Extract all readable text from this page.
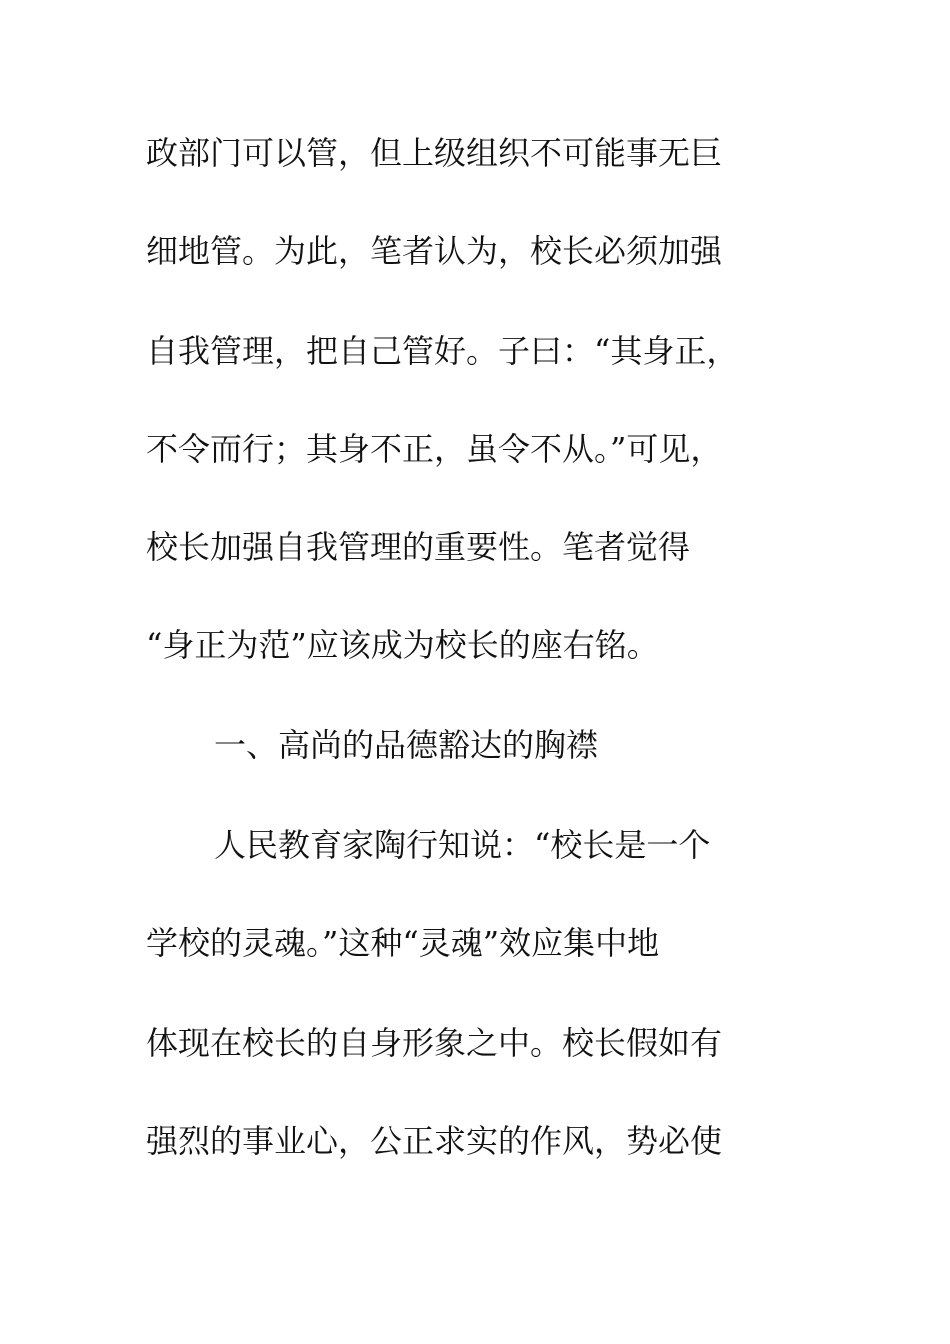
政部门可以管，但上级组织不可能事无巨
细地管。为此，笔者认为，校长必须加强
自我管理，把自己管好。子曰：“其身正，
不令而行；其身不正，虽令不从。”可见，
校长加强自我管理的重要性。笔者觉得
“身正为范”应该成为校长的座右铭。
一、高尚的品德豁达的胸襟
人民教育家陶行知说：“校长是一个
学校的灵魂。”这种“灵魂”效应集中地
体现在校长的自身形象之中。校长假如有
强烈的事业心，公正求实的作风，势必使
